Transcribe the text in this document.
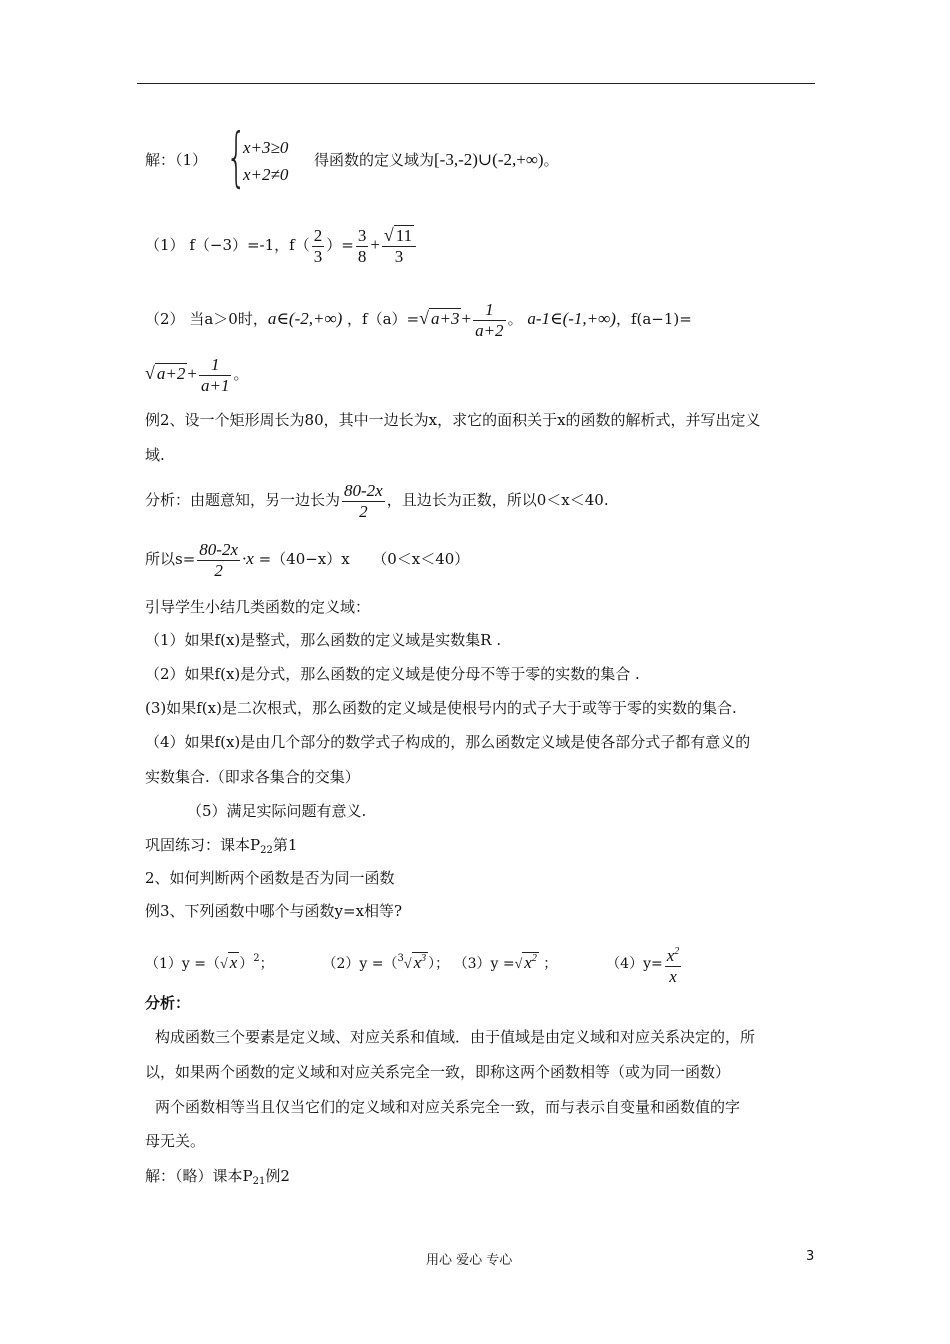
解：（1） {
x+3≥0
x+2≠0
得函数的定义域为[-3,-2)∪(-2,+∞)。
（1） f（−3）=-1，$f( \frac{2}{3}$ ）= $\frac{3}{8} + \frac{√ 11}{3}$
（2） 当a＞0时，a∈(-2,+∞) ，f（a）=√ $a+3 + \frac{1}{a+2}$ 。 a-1∈(-1,+∞)，f(a−1)=
√ $a+2 + \frac{1}{a+1}$ 。
例2、设一个矩形周长为80，其中一边长为x，求它的面积关于x的函数的解析式，并写出定义
域.
分析：由题意知，另一边长为 $\frac{80-2x}{2}$ ，且边长为正数，所以0＜x＜40.
所以$s= \frac{80-2x}{2} \cdot x =(40-x)x$　　（0＜x＜40）
引导学生小结几类函数的定义域：
（1）如果f(x)是整式，那么函数的定义域是实数集R .
（2）如果f(x)是分式，那么函数的定义域是使分母不等于零的实数的集合 .
(3)如果f(x)是二次根式，那么函数的定义域是使根号内的式子大于或等于零的实数的集合.
（4）如果f(x)是由几个部分的数学式子构成的，那么函数定义域是使各部分式子都有意义的
实数集合.（即求各集合的交集）
（5）满足实际问题有意义.
巩固练习：课本$P_{22}$第1
2、如何判断两个函数是否为同一函数
例3、下列函数中哪个与函数y=x相等?
（1）y =（√ x ）$^2$；	（2）y =（$^3$√ $x^3$ ）； （3）y =√ $x^2$ ；	$(4)y= \frac{x^2}{x}$
分析：
构成函数三个要素是定义域、对应关系和值域．由于值域是由定义域和对应关系决定的，所
以，如果两个函数的定义域和对应关系完全一致，即称这两个函数相等（或为同一函数）
两个函数相等当且仅当它们的定义域和对应关系完全一致，而与表示自变量和函数值的字
母无关。
解：（略）课本$P_{21}$例2
用心 爱心 专心	3
